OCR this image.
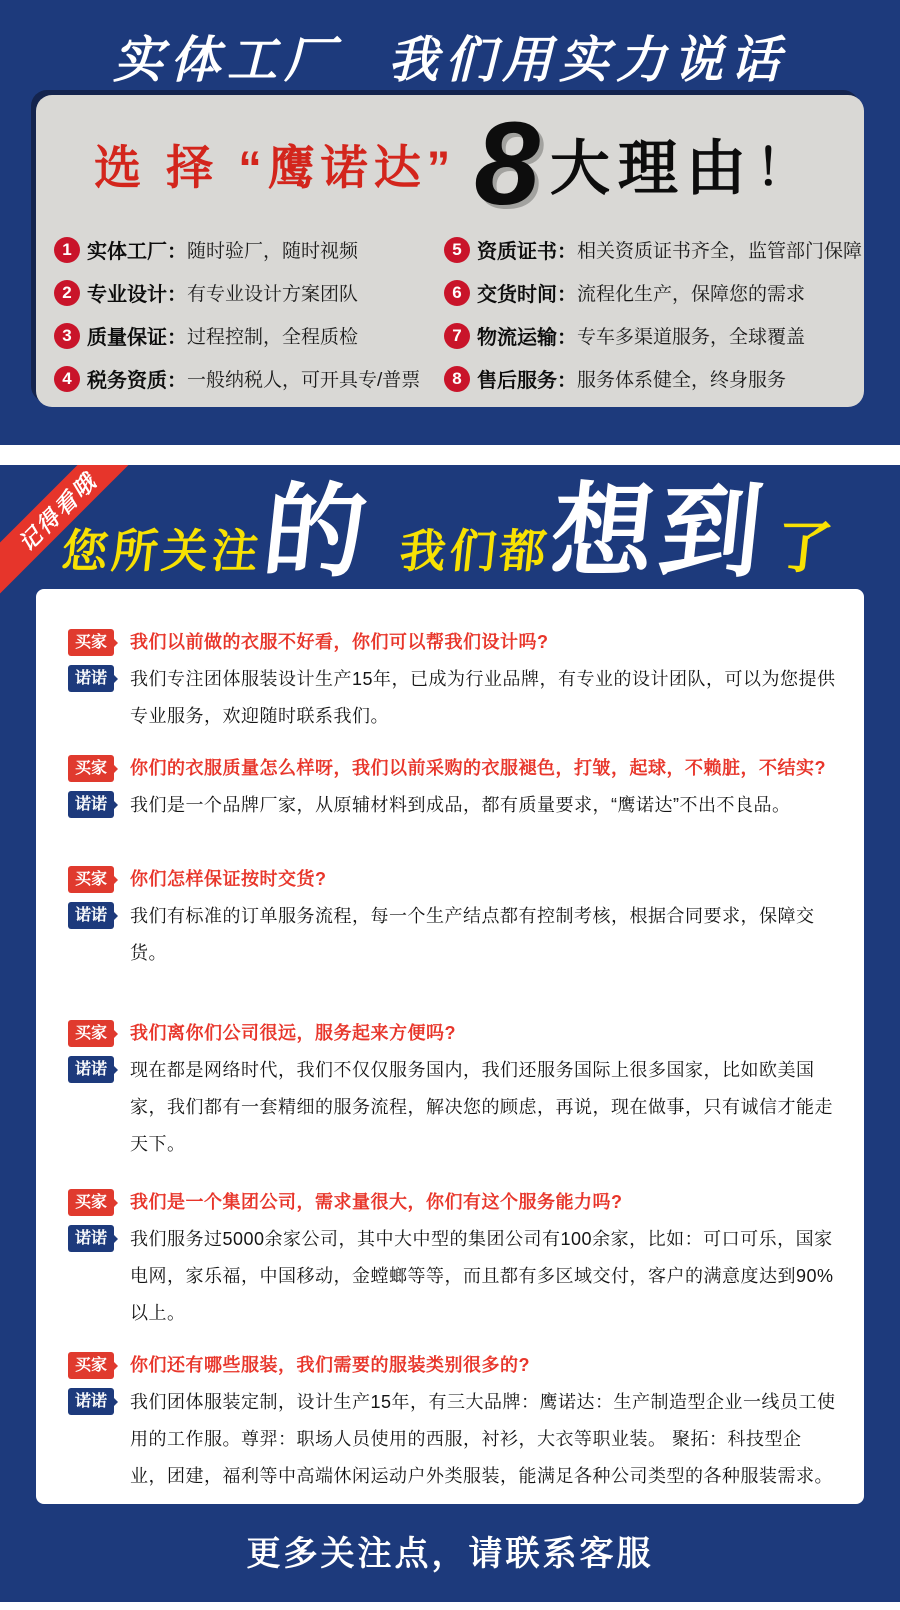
实体工厂 我们用实力说话
选 择 “鹰诺达” 8 大理由 ！
1 实体工厂： 随时验厂，随时视频
2 专业设计： 有专业设计方案团队
3 质量保证： 过程控制，全程质检
4 税务资质： 一般纳税人，可开具专/普票
5 资质证书： 相关资质证书齐全，监管部门保障
6 交货时间： 流程化生产，保障您的需求
7 物流运输： 专车多渠道服务，全球覆盖
8 售后服务： 服务体系健全，终身服务
记得看哦
您所关注
的 我们都
想到 了
买家	我们以前做的衣服不好看，你们可以帮我们设计吗?
诺诺	我们专注团体服装设计生产15年，已成为行业品牌，有专业的设计团队，可以为您提供专业服务，欢迎随时联系我们。
买家	你们的衣服质量怎么样呀，我们以前采购的衣服褪色，打皱，起球，不赖脏，不结实?
诺诺	我们是一个品牌厂家，从原辅材料到成品，都有质量要求，“鹰诺达”不出不良品。
买家	你们怎样保证按时交货?
诺诺	我们有标准的订单服务流程，每一个生产结点都有控制考核，根据合同要求，保障交货。
买家	我们离你们公司很远，服务起来方便吗?
诺诺	现在都是网络时代，我们不仅仅服务国内，我们还服务国际上很多国家，比如欧美国家，我们都有一套精细的服务流程，解决您的顾虑，再说，现在做事，只有诚信才能走天下。
买家	我们是一个集团公司，需求量很大，你们有这个服务能力吗?
诺诺	我们服务过5000余家公司，其中大中型的集团公司有100余家，比如：可口可乐，国家电网，家乐福，中国移动，金螳螂等等，而且都有多区域交付，客户的满意度达到90%以上。
买家	你们还有哪些服装，我们需要的服装类别很多的?
诺诺	我们团体服装定制，设计生产15年，有三大品牌：鹰诺达：生产制造型企业一线员工使用的工作服。尊羿：职场人员使用的西服，衬衫，大衣等职业装。 聚拓：科技型企业，团建，福利等中高端休闲运动户外类服装，能满足各种公司类型的各种服装需求。
更多关注点，请联系客服
